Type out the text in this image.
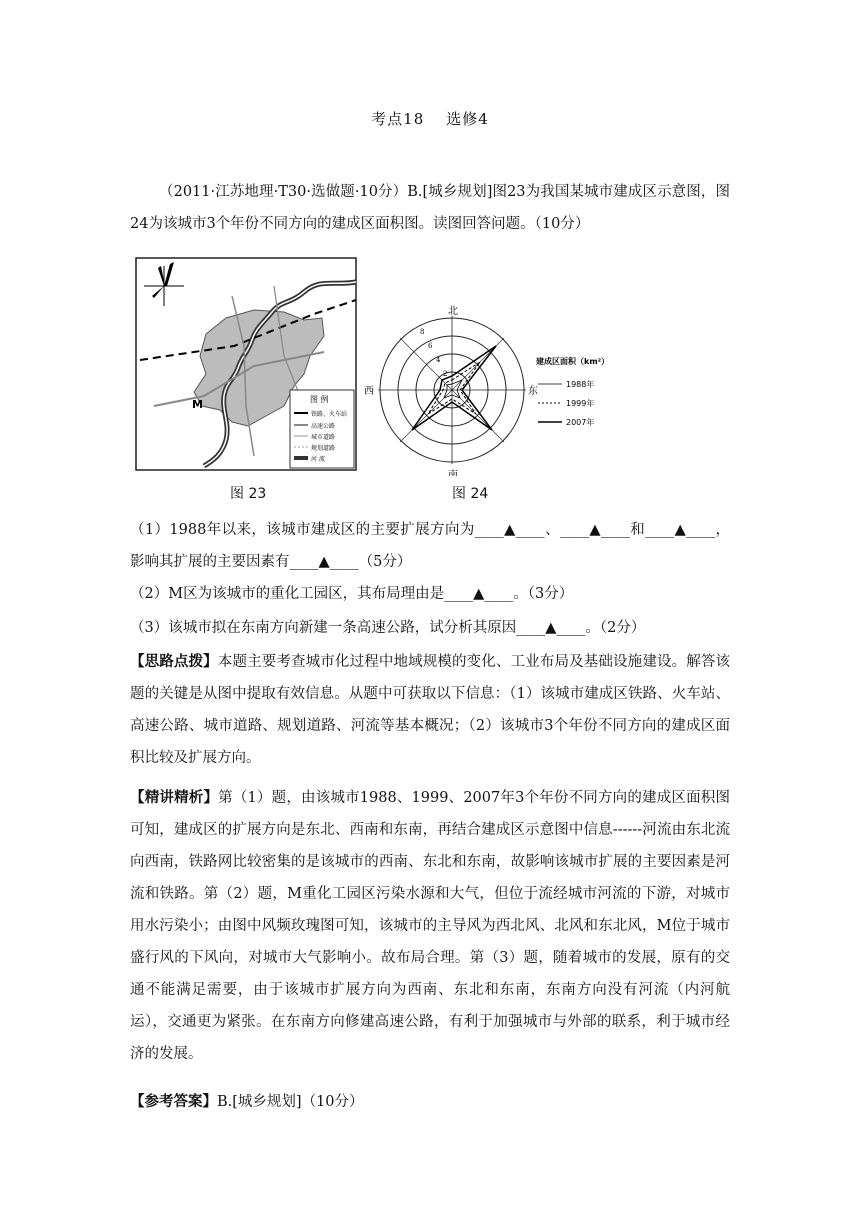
考点18 选修4
（2011·江苏地理·T30·选做题·10分）B.[城乡规划]图23为我国某城市建成区示意图，图24为该城市3个年份不同方向的建成区面积图。读图回答问题。（10分）
M	图 例
铁路、火车站
高速公路
城市道路
规划道路
河 流
图 23
北
南
东
西
8
6
4
2
建成区面积（km²）
1988年
1999年
2007年
图 24
（1）1988年以来，该城市建成区的主要扩展方向为____▲____、____▲____和____▲____，影响其扩展的主要因素有____▲____（5分）
（2）M区为该城市的重化工园区，其布局理由是____▲____。（3分）
（3）该城市拟在东南方向新建一条高速公路，试分析其原因____▲____。（2分）
【思路点拨】本题主要考查城市化过程中地域规模的变化、工业布局及基础设施建设。解答该题的关键是从图中提取有效信息。从题中可获取以下信息：（1）该城市建成区铁路、火车站、高速公路、城市道路、规划道路、河流等基本概况；（2）该城市3个年份不同方向的建成区面积比较及扩展方向。
【精讲精析】第（1）题，由该城市1988、1999、2007年3个年份不同方向的建成区面积图可知，建成区的扩展方向是东北、西南和东南，再结合建成区示意图中信息------河流由东北流向西南，铁路网比较密集的是该城市的西南、东北和东南，故影响该城市扩展的主要因素是河流和铁路。第（2）题，M重化工园区污染水源和大气，但位于流经城市河流的下游，对城市用水污染小；由图中风频玫瑰图可知，该城市的主导风为西北风、北风和东北风，M位于城市盛行风的下风向，对城市大气影响小。故布局合理。第（3）题，随着城市的发展，原有的交通不能满足需要，由于该城市扩展方向为西南、东北和东南，东南方向没有河流（内河航运），交通更为紧张。在东南方向修建高速公路，有利于加强城市与外部的联系，利于城市经济的发展。
【参考答案】B.[城乡规划]（10分）
